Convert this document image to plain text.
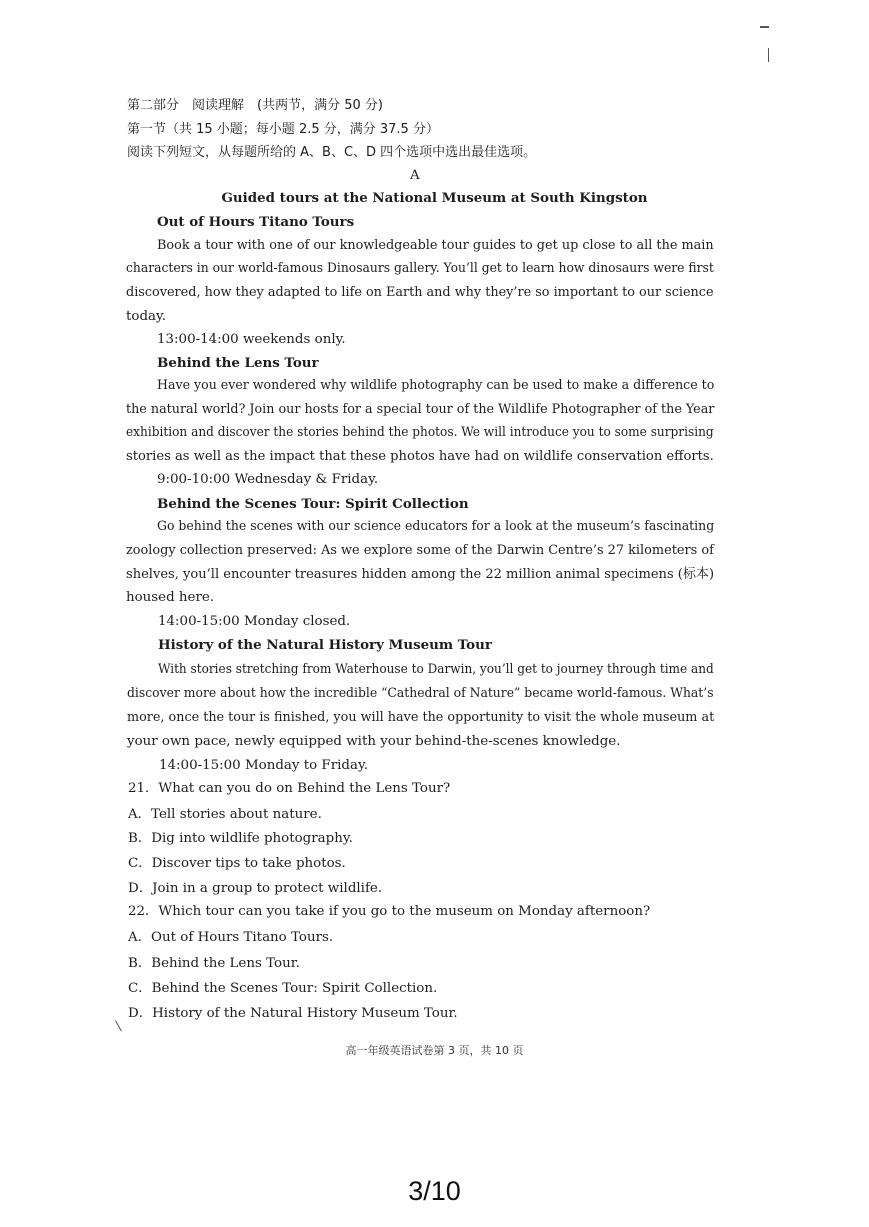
第二部分　阅读理解　(共两节，满分 50 分)
第一节（共 15 小题；每小题 2.5 分，满分 37.5 分）
阅读下列短文，从每题所给的 A、B、C、D 四个选项中选出最佳选项。
A
Guided tours at the National Museum at South Kingston
Out of Hours Titano Tours
Book a tour with one of our knowledgeable tour guides to get up close to all the main
characters in our world-famous Dinosaurs gallery. You’ll get to learn how dinosaurs were first
discovered, how they adapted to life on Earth and why they’re so important to our science
today.
13:00-14:00 weekends only.
Behind the Lens Tour
Have you ever wondered why wildlife photography can be used to make a difference to
the natural world? Join our hosts for a special tour of the Wildlife Photographer of the Year
exhibition and discover the stories behind the photos. We will introduce you to some surprising
stories as well as the impact that these photos have had on wildlife conservation efforts.
9:00-10:00 Wednesday & Friday.
Behind the Scenes Tour: Spirit Collection
Go behind the scenes with our science educators for a look at the museum’s fascinating
zoology collection preserved: As we explore some of the Darwin Centre’s 27 kilometers of
shelves, you’ll encounter treasures hidden among the 22 million animal specimens (标本)
housed here.
14:00-15:00 Monday closed.
History of the Natural History Museum Tour
With stories stretching from Waterhouse to Darwin, you’ll get to journey through time and
discover more about how the incredible “Cathedral of Nature” became world-famous. What’s
more, once the tour is finished, you will have the opportunity to visit the whole museum at
your own pace, newly equipped with your behind-the-scenes knowledge.
14:00-15:00 Monday to Friday.
21．What can you do on Behind the Lens Tour?
A．Tell stories about nature.
B．Dig into wildlife photography.
C．Discover tips to take photos.
D．Join in a group to protect wildlife.
22．Which tour can you take if you go to the museum on Monday afternoon?
A．Out of Hours Titano Tours.
B．Behind the Lens Tour.
C．Behind the Scenes Tour: Spirit Collection.
D．History of the Natural History Museum Tour.
高一年级英语试卷第 3 页，共 10 页
3/10
